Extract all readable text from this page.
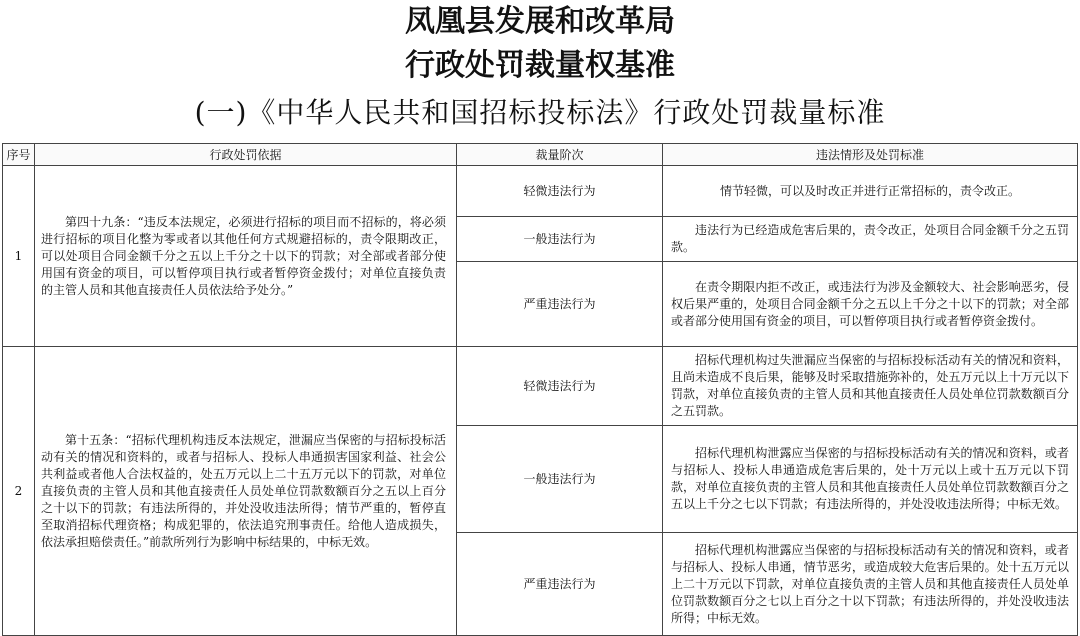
凤凰县发展和改革局
行政处罚裁量权基准
(一)《中华人民共和国招标投标法》行政处罚裁量标准
序号	行政处罚依据	裁量阶次	违法情形及处罚标准
1	第四十九条：“违反本法规定，必须进行招标的项目而不招标的，将必须进行招标的项目化整为零或者以其他任何方式规避招标的，责令限期改正，可以处项目合同金额千分之五以上千分之十以下的罚款；对全部或者部分使用国有资金的项目，可以暂停项目执行或者暂停资金拨付；对单位直接负责的主管人员和其他直接责任人员依法给予处分。”	轻微违法行为	情节轻微，可以及时改正并进行正常招标的，责令改正。
		一般违法行为	违法行为已经造成危害后果的，责令改正，处项目合同金额千分之五罚款。
		严重违法行为	在责令期限内拒不改正，或违法行为涉及金额较大、社会影响恶劣，侵权后果严重的，处项目合同金额千分之五以上千分之十以下的罚款；对全部或者部分使用国有资金的项目，可以暂停项目执行或者暂停资金拨付。
2	第十五条：“招标代理机构违反本法规定，泄漏应当保密的与招标投标活动有关的情况和资料的，或者与招标人、投标人串通损害国家利益、社会公共利益或者他人合法权益的，处五万元以上二十五万元以下的罚款，对单位直接负责的主管人员和其他直接责任人员处单位罚款数额百分之五以上百分之十以下的罚款；有违法所得的，并处没收违法所得；情节严重的，暂停直至取消招标代理资格；构成犯罪的，依法追究刑事责任。给他人造成损失，依法承担赔偿责任。”前款所列行为影响中标结果的，中标无效。	轻微违法行为	招标代理机构过失泄漏应当保密的与招标投标活动有关的情况和资料，且尚未造成不良后果，能够及时采取措施弥补的，处五万元以上十万元以下罚款，对单位直接负责的主管人员和其他直接责任人员处单位罚款数额百分之五罚款。
		一般违法行为	招标代理机构泄露应当保密的与招标投标活动有关的情况和资料，或者与招标人、投标人串通造成危害后果的，处十万元以上或十五万元以下罚款，对单位直接负责的主管人员和其他直接责任人员处单位罚款数额百分之五以上千分之七以下罚款；有违法所得的，并处没收违法所得；中标无效。
		严重违法行为	招标代理机构泄露应当保密的与招标投标活动有关的情况和资料，或者与招标人、投标人串通，情节恶劣，或造成较大危害后果的。处十五万元以上二十万元以下罚款，对单位直接负责的主管人员和其他直接责任人员处单位罚款数额百分之七以上百分之十以下罚款；有违法所得的，并处没收违法所得；中标无效。
